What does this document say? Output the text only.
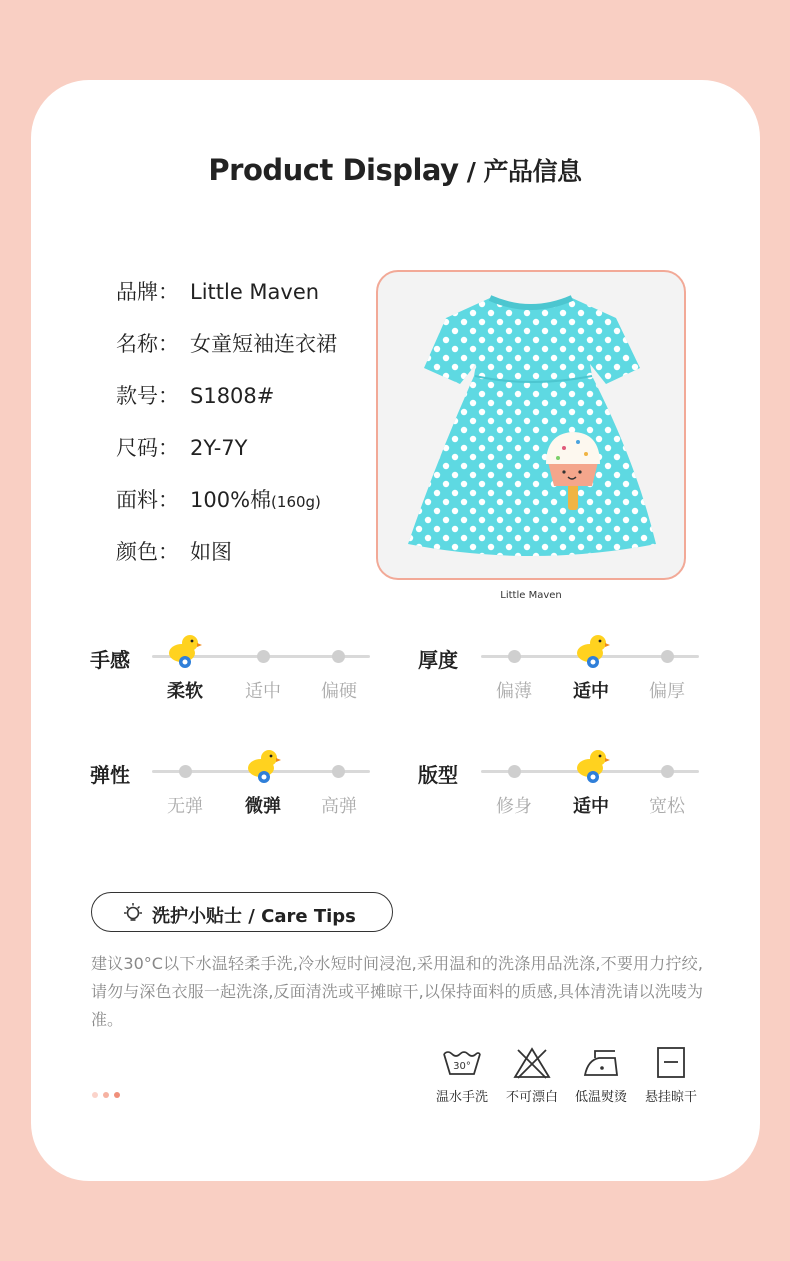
Product Display / 产品信息
品牌： Little Maven
名称： 女童短袖连衣裙
款号： S1808#
尺码： 2Y-7Y
面料： 100%棉(160g)
颜色： 如图
Little Maven
手感
柔软	适中	偏硬
厚度
偏薄	适中	偏厚
弹性
无弹	微弹	高弹
版型
修身	适中	宽松
洗护小贴士 / Care Tips
建议30°C以下水温轻柔手洗,冷水短时间浸泡,采用温和的洗涤用品洗涤,不要用力拧绞,请勿与深色衣服一起洗涤,反面清洗或平摊晾干,以保持面料的质感,具体清洗请以洗唛为准。
30°
温水手洗	不可漂白	低温熨烫	悬挂晾干
